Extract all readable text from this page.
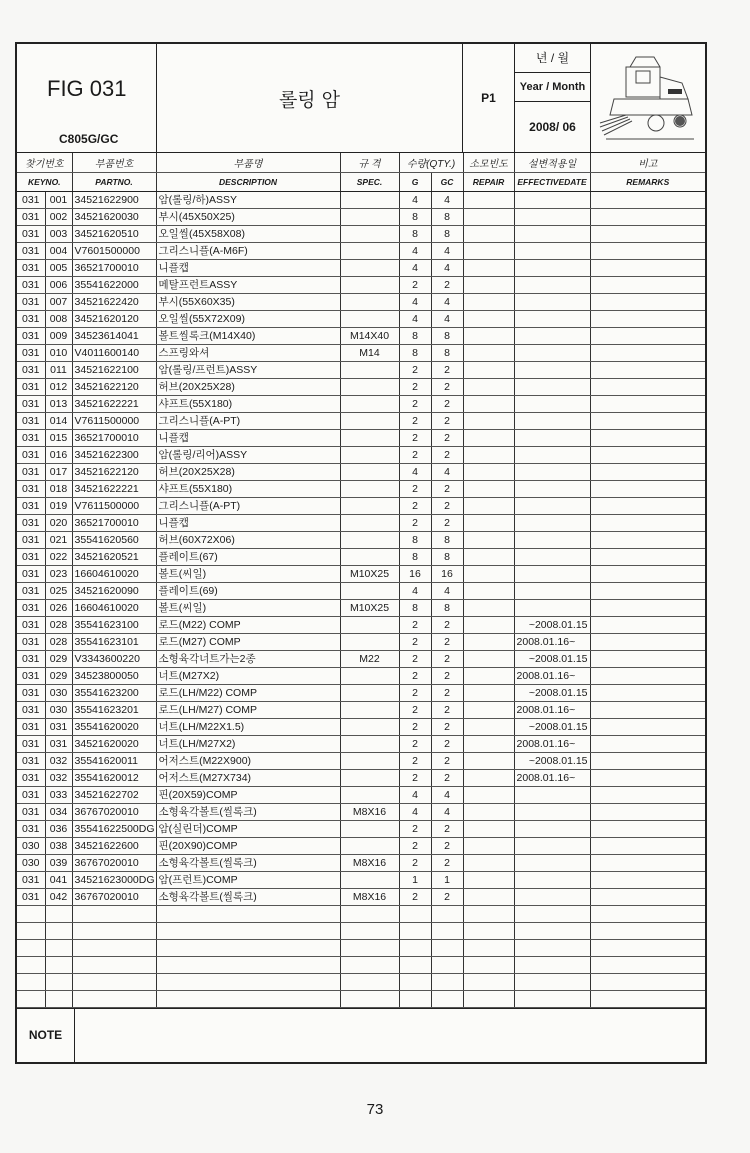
FIG 031
C805G/GC
롤링 암	P1
년 / 월
Year / Month
2008/ 06
찾기번호		부품번호	부품명	규 격	수량(QTY.)		소모빈도	설변적용일	비고
KEYNO.		PARTNO.	DESCRIPTION	SPEC.	G	GC	REPAIR	EFFECTIVEDATE	REMARKS
031	001	34521622900	암(롤링/하)ASSY		4	4			
031	002	34521620030	부시(45X50X25)		8	8			
031	003	34521620510	오일씰(45X58X08)		8	8			
031	004	V7601500000	그리스니플(A-M6F)		4	4			
031	005	36521700010	니플캡		4	4			
031	006	35541622000	메탈프런트ASSY		2	2			
031	007	34521622420	부시(55X60X35)		4	4			
031	008	34521620120	오일씰(55X72X09)		4	4			
031	009	34523614041	볼트씰록크(M14X40)	M14X40	8	8			
031	010	V4011600140	스프링와셔	M14	8	8			
031	011	34521622100	암(롤링/프런트)ASSY		2	2			
031	012	34521622120	허브(20X25X28)		2	2			
031	013	34521622221	샤프트(55X180)		2	2			
031	014	V7611500000	그리스니플(A-PT)		2	2			
031	015	36521700010	니플캡		2	2			
031	016	34521622300	암(롤링/리어)ASSY		2	2			
031	017	34521622120	허브(20X25X28)		4	4			
031	018	34521622221	샤프트(55X180)		2	2			
031	019	V7611500000	그리스니플(A-PT)		2	2			
031	020	36521700010	니플캡		2	2			
031	021	35541620560	허브(60X72X06)		8	8			
031	022	34521620521	플레이트(67)		8	8			
031	023	16604610020	볼트(씨일)	M10X25	16	16			
031	025	34521620090	플레이트(69)		4	4			
031	026	16604610020	볼트(씨일)	M10X25	8	8			
031	028	35541623100	로드(M22) COMP		2	2		~2008.01.15	
031	028	35541623101	로드(M27) COMP		2	2		2008.01.16~	
031	029	V3343600220	소형육각너트가는2종	M22	2	2		~2008.01.15	
031	029	34523800050	너트(M27X2)		2	2		2008.01.16~	
031	030	35541623200	로드(LH/M22) COMP		2	2		~2008.01.15	
031	030	35541623201	로드(LH/M27) COMP		2	2		2008.01.16~	
031	031	35541620020	너트(LH/M22X1.5)		2	2		~2008.01.15	
031	031	34521620020	너트(LH/M27X2)		2	2		2008.01.16~	
031	032	35541620011	어저스트(M22X900)		2	2		~2008.01.15	
031	032	35541620012	어저스트(M27X734)		2	2		2008.01.16~	
031	033	34521622702	핀(20X59)COMP		4	4			
031	034	36767020010	소형육각볼트(씰록크)	M8X16	4	4			
031	036	35541622500DG	암(실린더)COMP		2	2			
030	038	34521622600	핀(20X90)COMP		2	2			
030	039	36767020010	소형육각볼트(씰록크)	M8X16	2	2			
031	041	34521623000DG	암(프런트)COMP		1	1			
031	042	36767020010	소형육각볼트(씰록크)	M8X16	2	2			

NOTE
73
